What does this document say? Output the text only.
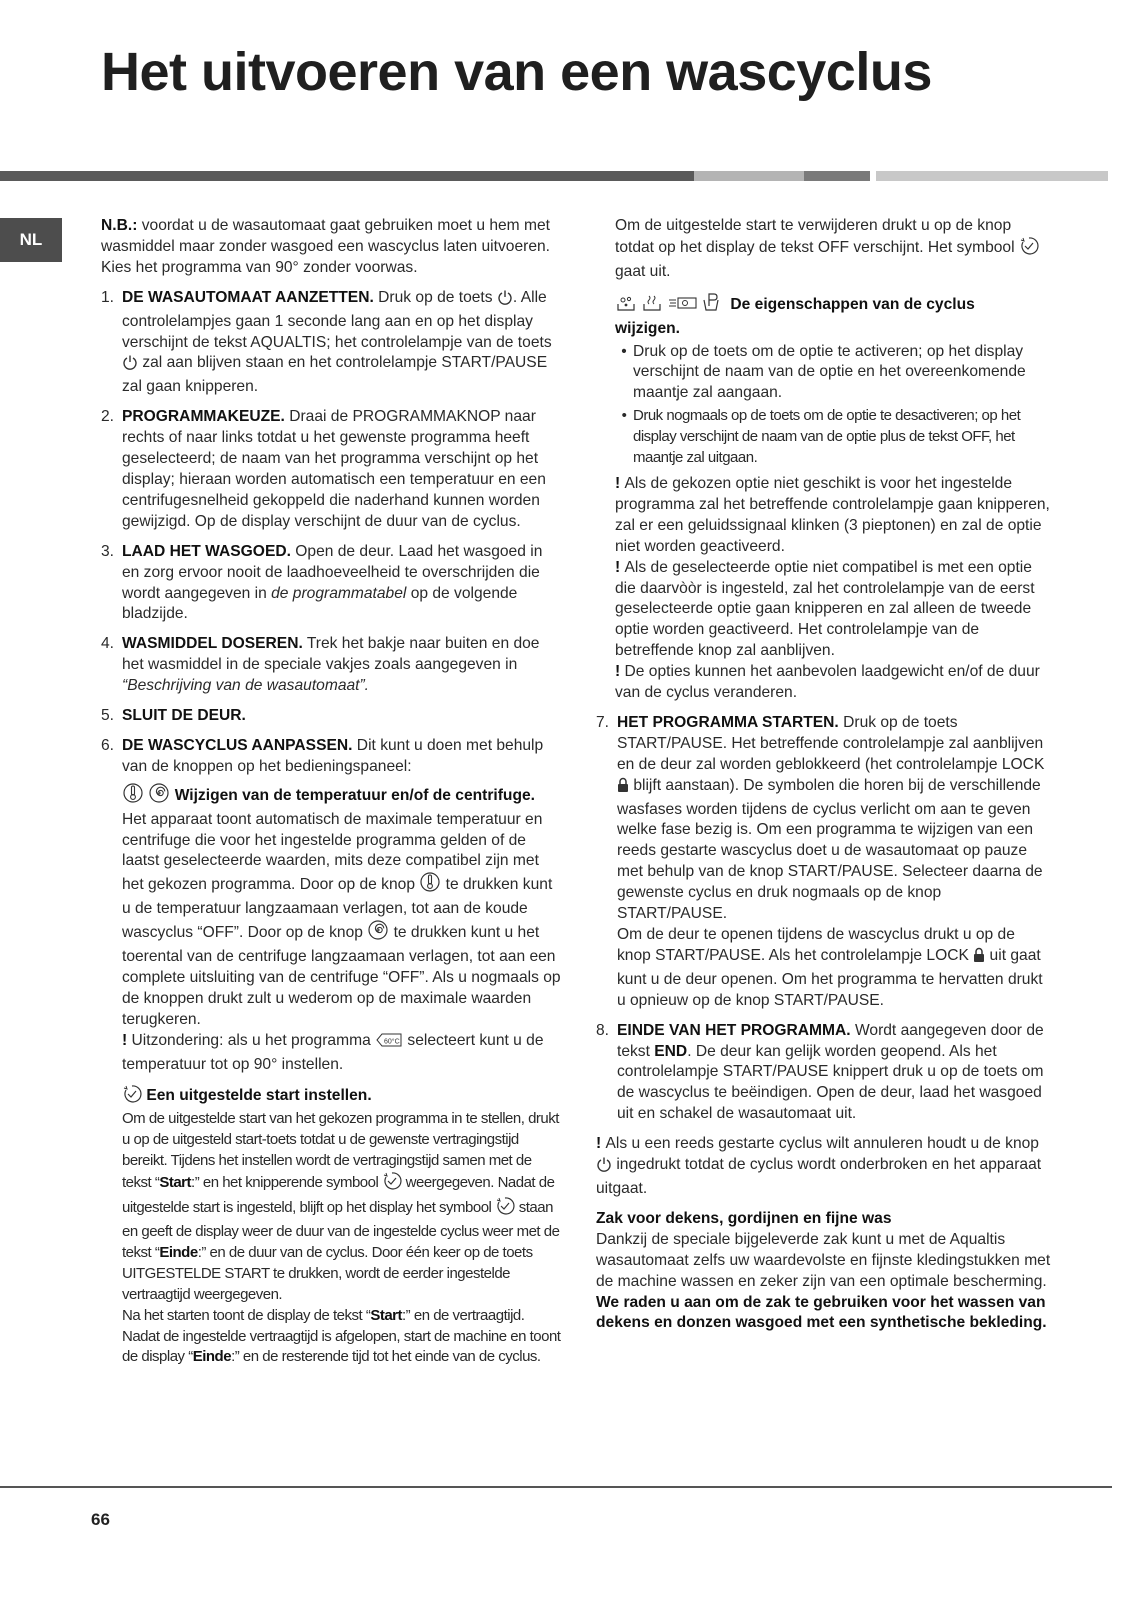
Het uitvoeren van een wascyclus
NL

N.B.: voordat u de wasautomaat gaat gebruiken moet u hem met wasmiddel maar zonder wasgoed een wascyclus laten uitvoeren. Kies het programma van 90° zonder voorwas.

1. DE WASAUTOMAAT AANZETTEN. Druk op de toets . Alle controlelampjes gaan 1 seconde lang aan en op het display verschijnt de tekst AQUALTIS; het controlelampje van de toets  zal aan blijven staan en het controlelampje START/PAUSE zal gaan knipperen.
2. PROGRAMMAKEUZE. Draai de PROGRAMMAKNOP naar rechts of naar links totdat u het gewenste programma heeft geselecteerd; de naam van het programma verschijnt op het display; hieraan worden automatisch een temperatuur en een centrifugesnelheid gekoppeld die naderhand kunnen worden gewijzigd. Op de display verschijnt de duur van de cyclus.
3. LAAD HET WASGOED. Open de deur. Laad het wasgoed in en zorg ervoor nooit de laadhoeveelheid te overschrijden die wordt aangegeven in de programmatabel op de volgende bladzijde.
4. WASMIDDEL DOSEREN. Trek het bakje naar buiten en doe het wasmiddel in de speciale vakjes zoals aangegeven in “Beschrijving van de wasautomaat”.
5. SLUIT DE DEUR.
6. DE WASCYCLUS AANPASSEN. Dit kunt u doen met behulp van de knoppen op het bedieningspaneel:

Wijzigen van de temperatuur en/of de centrifuge.

Het apparaat toont automatisch de maximale temperatuur en centrifuge die voor het ingestelde programma gelden of de laatst geselecteerde waarden, mits deze compatibel zijn met het gekozen programma. Door op de knop  te drukken kunt u de temperatuur langzaamaan verlagen, tot aan de koude wascyclus “OFF”. Door op de knop  te drukken kunt u het toerental van de centrifuge langzaamaan verlagen, tot aan een complete uitsluiting van de centrifuge “OFF”. Als u nogmaals op de knoppen drukt zult u wederom op de maximale waarden terugkeren.

! Uitzondering: als u het programma 60°C selecteert kunt u de temperatuur tot op 90° instellen.

Een uitgestelde start instellen.

Om de uitgestelde start van het gekozen programma in te stellen, drukt u op de uitgesteld start-toets totdat u de gewenste vertragingstijd bereikt. Tijdens het instellen wordt de vertragingstijd samen met de tekst “Start:” en het knipperende symbool  weergegeven. Nadat de uitgestelde start is ingesteld, blijft op het display het symbool  staan en geeft de display weer de duur van de ingestelde cyclus weer met de tekst “Einde:” en de duur van de cyclus. Door één keer op de toets UITGESTELDE START te drukken, wordt de eerder ingestelde vertraagtijd weergegeven.

Na het starten toont de display de tekst “Start:” en de vertraagtijd. Nadat de ingestelde vertraagtijd is afgelopen, start de machine en toont de display “Einde:” en de resterende tijd tot het einde van de cyclus.

Om de uitgestelde start te verwijderen drukt u op de knop totdat op het display de tekst OFF verschijnt. Het symbool  gaat uit.

De eigenschappen van de cyclus

wijzigen.

• Druk op de toets om de optie te activeren; op het display verschijnt de naam van de optie en het overeenkomende maantje zal aangaan.
• Druk nogmaals op de toets om de optie te desactiveren; op het display verschijnt de naam van de optie plus de tekst OFF, het maantje zal uitgaan.

! Als de gekozen optie niet geschikt is voor het ingestelde programma zal het betreffende controlelampje gaan knipperen, zal er een geluidssignaal klinken (3 pieptonen) en zal de optie niet worden geactiveerd.

! Als de geselecteerde optie niet compatibel is met een optie die daarvòòr is ingesteld, zal het controlelampje van de eerst geselecteerde optie gaan knipperen en zal alleen de tweede optie worden geactiveerd. Het controlelampje van de betreffende knop zal aanblijven.

! De opties kunnen het aanbevolen laadgewicht en/of de duur van de cyclus veranderen.

7. HET PROGRAMMA STARTEN. Druk op de toets START/PAUSE. Het betreffende controlelampje zal aanblijven en de deur zal worden geblokkeerd (het controlelampje LOCK  blijft aanstaan). De symbolen die horen bij de verschillende wasfases worden tijdens de cyclus verlicht om aan te geven welke fase bezig is. Om een programma te wijzigen van een reeds gestarte wascyclus doet u de wasautomaat op pauze met behulp van de knop START/PAUSE. Selecteer daarna de gewenste cyclus en druk nogmaals op de knop START/PAUSE.

Om de deur te openen tijdens de wascyclus drukt u op de knop START/PAUSE. Als het controlelampje LOCK  uit gaat kunt u de deur openen. Om het programma te hervatten drukt u opnieuw op de knop START/PAUSE.

8. EINDE VAN HET PROGRAMMA. Wordt aangegeven door de tekst END. De deur kan gelijk worden geopend. Als het controlelampje START/PAUSE knippert druk u op de toets om de wascyclus te beëindigen. Open de deur, laad het wasgoed uit en schakel de wasautomaat uit.

! Als u een reeds gestarte cyclus wilt annuleren houdt u de knop  ingedrukt totdat de cyclus wordt onderbroken en het apparaat uitgaat.

Zak voor dekens, gordijnen en fijne was

Dankzij de speciale bijgeleverde zak kunt u met de Aqualtis wasautomaat zelfs uw waardevolste en fijnste kledingstukken met de machine wassen en zeker zijn van een optimale bescherming. We raden u aan om de zak te gebruiken voor het wassen van dekens en donzen wasgoed met een synthetische bekleding.

66
